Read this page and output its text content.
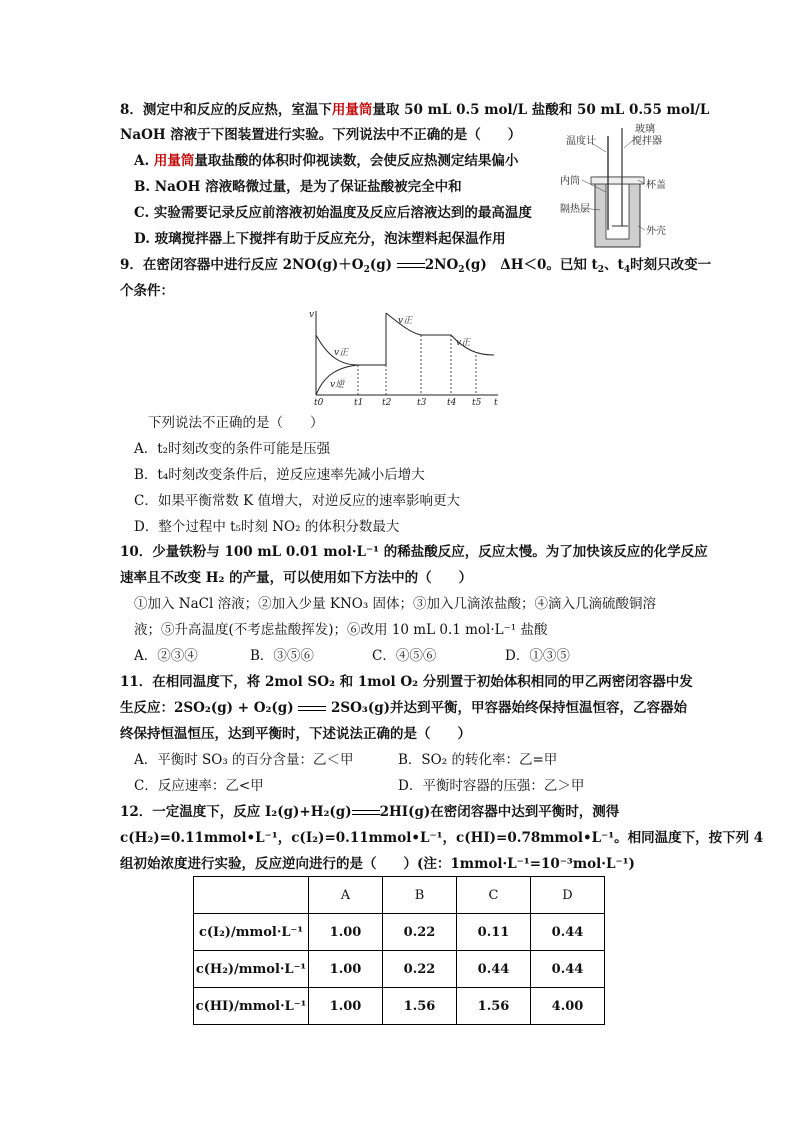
8．测定中和反应的反应热，室温下用量筒量取 50 mL 0.5 mol/L 盐酸和 50 mL 0.55 mol/L
NaOH 溶液于下图装置进行实验。下列说法中不正确的是（　　）
A. 用量筒量取盐酸的体积时仰视读数，会使反应热测定结果偏小
B. NaOH 溶液略微过量，是为了保证盐酸被完全中和
C. 实验需要记录反应前溶液初始温度及反应后溶液达到的最高温度
D. 玻璃搅拌器上下搅拌有助于反应充分，泡沫塑料起保温作用
温度计
玻璃
搅拌器
内筒	杯盖
隔热层
外壳
9．在密闭容器中进行反应 $2NO(g)+O_2(g)$ $2NO_2(g)$　ΔH＜0。已知 $t_2$、$t_4$时刻只改变一
个条件：
v
v正
v逆
v正
v正
t0	t1 t2	t3 t4 t5 t
下列说法不正确的是（　　）
A．t₂时刻改变的条件可能是压强
B．t₄时刻改变条件后，逆反应速率先减小后增大
C．如果平衡常数 K 值增大，对逆反应的速率影响更大
D．整个过程中 t₅时刻 NO₂ 的体积分数最大
10．少量铁粉与 100 mL 0.01 mol·L⁻¹ 的稀盐酸反应，反应太慢。为了加快该反应的化学反应
速率且不改变 H₂ 的产量，可以使用如下方法中的（　　）
①加入 NaCl 溶液；②加入少量 KNO₃ 固体；③加入几滴浓盐酸；④滴入几滴硫酸铜溶
液；⑤升高温度(不考虑盐酸挥发)；⑥改用 10 mL 0.1 mol·L⁻¹ 盐酸
A．②③④	B．③⑤⑥	C．④⑤⑥	D．①③⑤
11．在相同温度下，将 2mol SO₂ 和 1mol O₂ 分别置于初始体积相同的甲乙两密闭容器中发
生反应：2SO₂(g) + O₂(g)  2SO₃(g)并达到平衡，甲容器始终保持恒温恒容，乙容器始
终保持恒温恒压，达到平衡时，下述说法正确的是（　　）
A．平衡时 SO₃ 的百分含量：乙＜甲	B．SO₂ 的转化率：乙=甲
C．反应速率：乙<甲	D．平衡时容器的压强：乙＞甲
12．一定温度下，反应 I₂(g)+H₂(g) 2HI(g)在密闭容器中达到平衡时，测得
c(H₂)=0.11mmol•L⁻¹，c(I₂)=0.11mmol•L⁻¹，c(HI)=0.78mmol•L⁻¹。相同温度下，按下列 4
组初始浓度进行实验，反应逆向进行的是（　　）(注：1mmol·L⁻¹=10⁻³mol·L⁻¹)
	A	B	C	D
c(I₂)/mmol·L⁻¹	1.00	0.22	0.11	0.44
c(H₂)/mmol·L⁻¹	1.00	0.22	0.44	0.44
c(HI)/mmol·L⁻¹	1.00	1.56	1.56	4.00
